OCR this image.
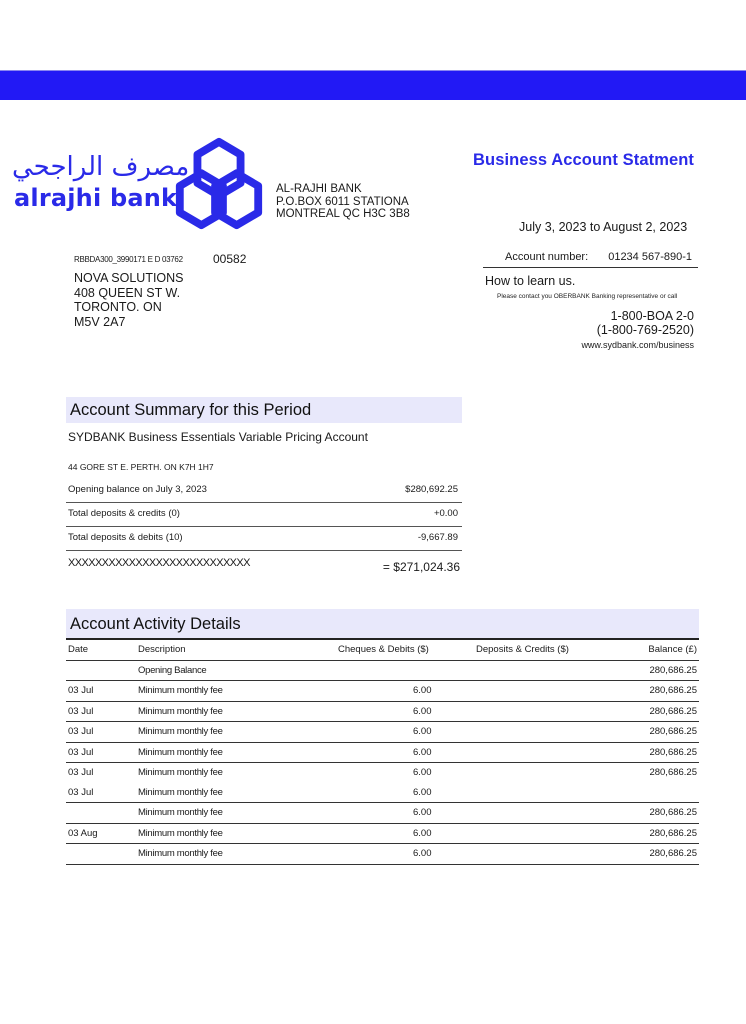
مصرف الراجحي
alrajhi bank	AL-RAJHI BANK
P.O.BOX 6011 STATIONA
MONTREAL QC H3C 3B8
Business Account Statment
July 3, 2023 to August 2, 2023
Account number: 01234 567-890-1
How to learn us.
Please contact you OBERBANK Banking representative or call
1-800-BOA 2-0
(1-800-769-2520)
www.sydbank.com/business
RBBDA300_3990171 E D 03762	00582
NOVA SOLUTIONS
408 QUEEN ST W.
TORONTO. ON
M5V 2A7
Account Summary for this Period
SYDBANK Business Essentials Variable Pricing Account
44 GORE ST E. PERTH. ON K7H 1H7
Opening balance on July 3, 2023	$280,692.25
Total deposits & credits (0)	+0.00
Total deposits & debits (10)	-9,667.89
XXXXXXXXXXXXXXXXXXXXXXXXXXX	= $271,024.36
Account Activity Details
Date	Description	Cheques & Debits ($)	Deposits & Credits ($)	Balance (£)
Opening Balance	280,686.25
03 Jul	Minimum monthly fee	6.00	280,686.25
03 Jul	Minimum monthly fee	6.00	280,686.25
03 Jul	Minimum monthly fee	6.00	280,686.25
03 Jul	Minimum monthly fee	6.00	280,686.25
03 Jul	Minimum monthly fee	6.00	280,686.25
03 Jul	Minimum monthly fee	6.00
Minimum monthly fee	6.00	280,686.25
03 Aug	Minimum monthly fee	6.00	280,686.25
Minimum monthly fee	6.00	280,686.25
